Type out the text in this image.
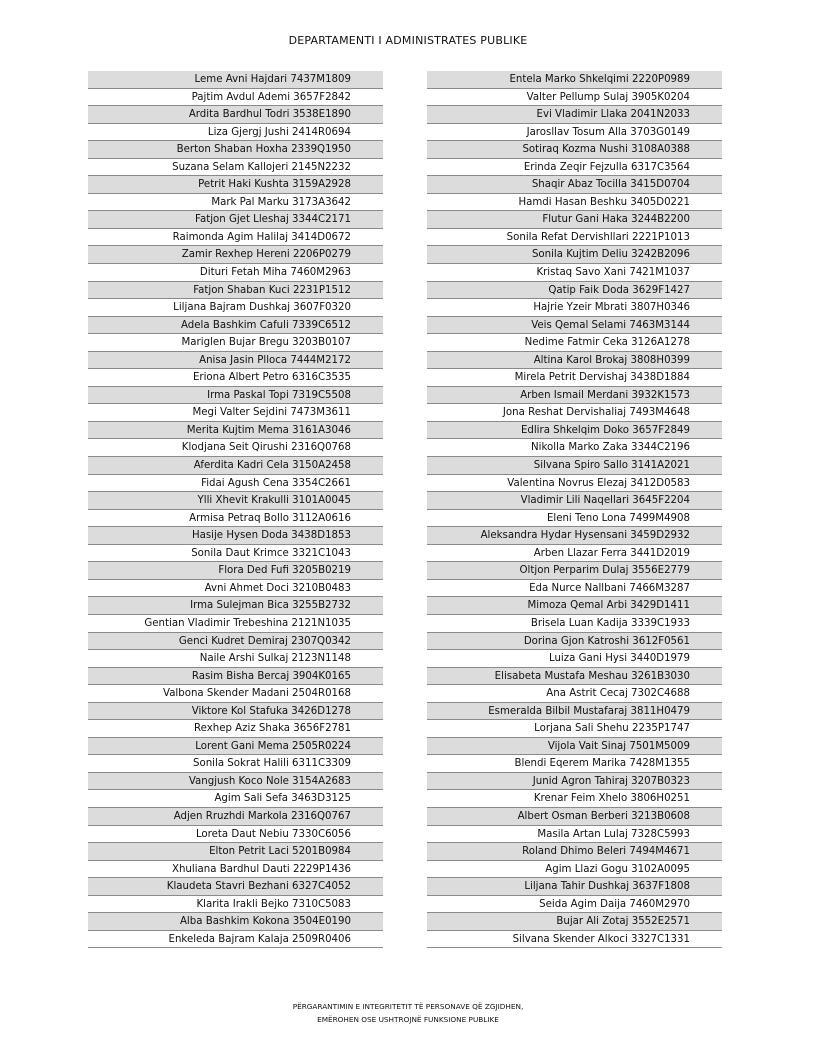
DEPARTAMENTI I ADMINISTRATES PUBLIKE
Leme Avni Hajdari 7437M1809
Pajtim Avdul Ademi 3657F2842
Ardita Bardhul Todri 3538E1890
Liza Gjergj Jushi 2414R0694
Berton Shaban Hoxha 2339Q1950
Suzana Selam Kallojeri 2145N2232
Petrit Haki Kushta 3159A2928
Mark Pal Marku 3173A3642
Fatjon Gjet Lleshaj 3344C2171
Raimonda Agim Halilaj 3414D0672
Zamir Rexhep Hereni 2206P0279
Dituri Fetah Miha 7460M2963
Fatjon Shaban Kuci 2231P1512
Liljana Bajram Dushkaj 3607F0320
Adela Bashkim Cafuli 7339C6512
Mariglen Bujar Bregu 3203B0107
Anisa Jasin Plloca 7444M2172
Eriona Albert Petro 6316C3535
Irma Paskal Topi 7319C5508
Megi Valter Sejdini 7473M3611
Merita Kujtim Mema 3161A3046
Klodjana Seit Qirushi 2316Q0768
Aferdita Kadri Cela 3150A2458
Fidai Agush Cena 3354C2661
Ylli Xhevit Krakulli 3101A0045
Armisa Petraq Bollo 3112A0616
Hasije Hysen Doda 3438D1853
Sonila Daut Krimce 3321C1043
Flora Ded Fufi 3205B0219
Avni Ahmet Doci 3210B0483
Irma Sulejman Bica 3255B2732
Gentian Vladimir Trebeshina 2121N1035
Genci Kudret Demiraj 2307Q0342
Naile Arshi Sulkaj 2123N1148
Rasim Bisha Bercaj 3904K0165
Valbona Skender Madani 2504R0168
Viktore Kol Stafuka 3426D1278
Rexhep Aziz Shaka 3656F2781
Lorent Gani Mema 2505R0224
Sonila Sokrat Halili 6311C3309
Vangjush Koco Nole 3154A2683
Agim Sali Sefa 3463D3125
Adjen Rruzhdi Markola 2316Q0767
Loreta Daut Nebiu 7330C6056
Elton Petrit Laci 5201B0984
Xhuliana Bardhul Dauti 2229P1436
Klaudeta Stavri Bezhani 6327C4052
Klarita Irakli Bejko 7310C5083
Alba Bashkim Kokona 3504E0190
Enkeleda Bajram Kalaja 2509R0406
Entela Marko Shkelqimi 2220P0989
Valter Pellump Sulaj 3905K0204
Evi Vladimir Llaka 2041N2033
Jarosllav Tosum Alla 3703G0149
Sotiraq Kozma Nushi 3108A0388
Erinda Zeqir Fejzulla 6317C3564
Shaqir Abaz Tocilla 3415D0704
Hamdi Hasan Beshku 3405D0221
Flutur Gani Haka 3244B2200
Sonila Refat Dervishllari 2221P1013
Sonila Kujtim Deliu 3242B2096
Kristaq Savo Xani 7421M1037
Qatip Faik Doda 3629F1427
Hajrie Yzeir Mbrati 3807H0346
Veis Qemal Selami 7463M3144
Nedime Fatmir Ceka 3126A1278
Altina Karol Brokaj 3808H0399
Mirela Petrit Dervishaj 3438D1884
Arben Ismail Merdani 3932K1573
Jona Reshat Dervishaliaj 7493M4648
Edlira Shkelqim Doko 3657F2849
Nikolla Marko Zaka 3344C2196
Silvana Spiro Sallo 3141A2021
Valentina Novrus Elezaj 3412D0583
Vladimir Lili Naqellari 3645F2204
Eleni Teno Lona 7499M4908
Aleksandra Hydar Hysensani 3459D2932
Arben Llazar Ferra 3441D2019
Oltjon Perparim Dulaj 3556E2779
Eda Nurce Nallbani 7466M3287
Mimoza Qemal Arbi 3429D1411
Brisela Luan Kadija 3339C1933
Dorina Gjon Katroshi 3612F0561
Luiza Gani Hysi 3440D1979
Elisabeta Mustafa Meshau 3261B3030
Ana Astrit Cecaj 7302C4688
Esmeralda Bilbil Mustafaraj 3811H0479
Lorjana Sali Shehu 2235P1747
Vijola Vait Sinaj 7501M5009
Blendi Eqerem Marika 7428M1355
Junid Agron Tahiraj 3207B0323
Krenar Feim Xhelo 3806H0251
Albert Osman Berberi 3213B0608
Masila Artan Lulaj 7328C5993
Roland Dhimo Beleri 7494M4671
Agim Llazi Gogu 3102A0095
Liljana Tahir Dushkaj 3637F1808
Seida Agim Daija 7460M2970
Bujar Ali Zotaj 3552E2571
Silvana Skender Alkoci 3327C1331
PËRGARANTIMIN E INTEGRITETIT TË PERSONAVE QË ZGJIDHEN,
EMËROHEN OSE USHTROJNË FUNKSIONE PUBLIKE
